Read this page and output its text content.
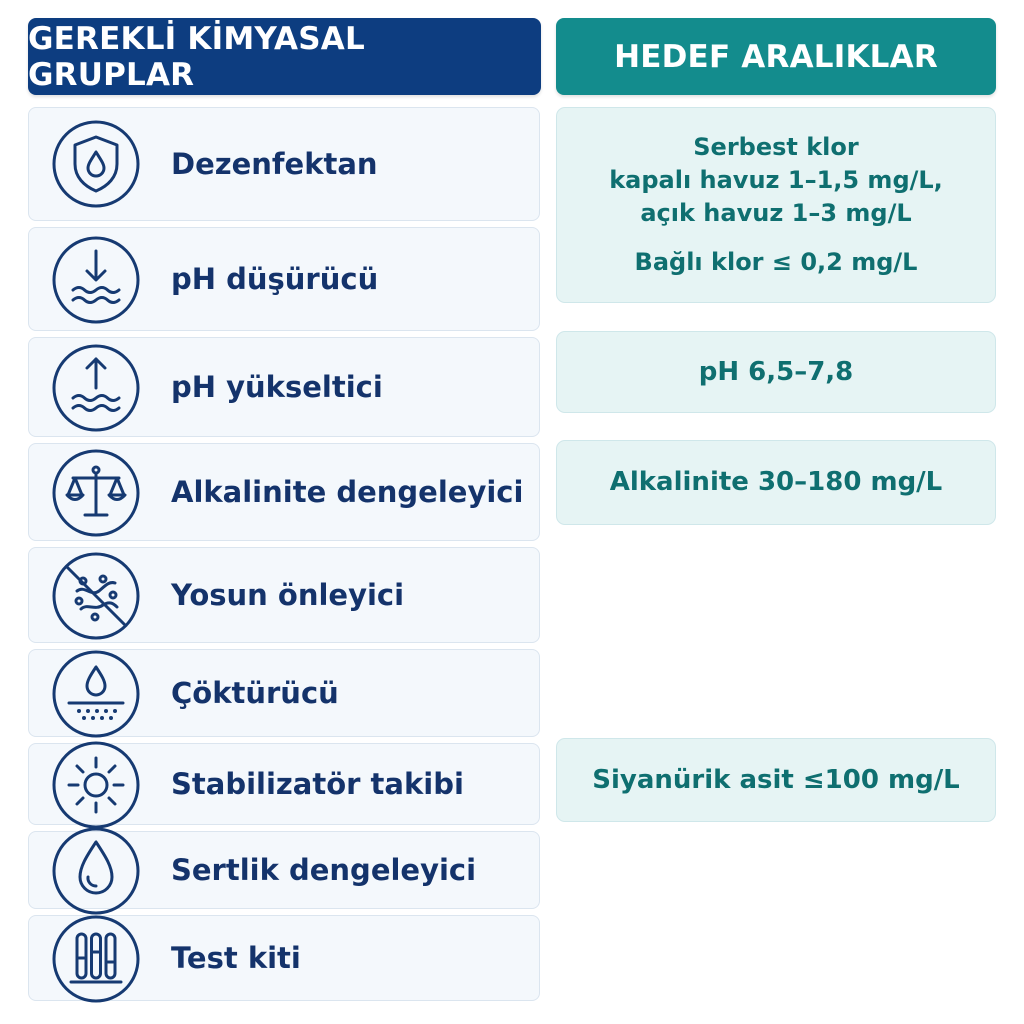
GEREKLİ KİMYASAL GRUPLAR	HEDEF ARALIKLAR
Dezenfektan
pH düşürücü
pH yükseltici
Alkalinite dengeleyici
Yosun önleyici
Çöktürücü
Stabilizatör takibi
Sertlik dengeleyici
Test kiti
Serbest klor
kapalı havuz 1–1,5 mg/L,
açık havuz 1–3 mg/L
Bağlı klor ≤ 0,2 mg/L
pH 6,5–7,8
Alkalinite 30–180 mg/L
Siyanürik asit ≤100 mg/L
